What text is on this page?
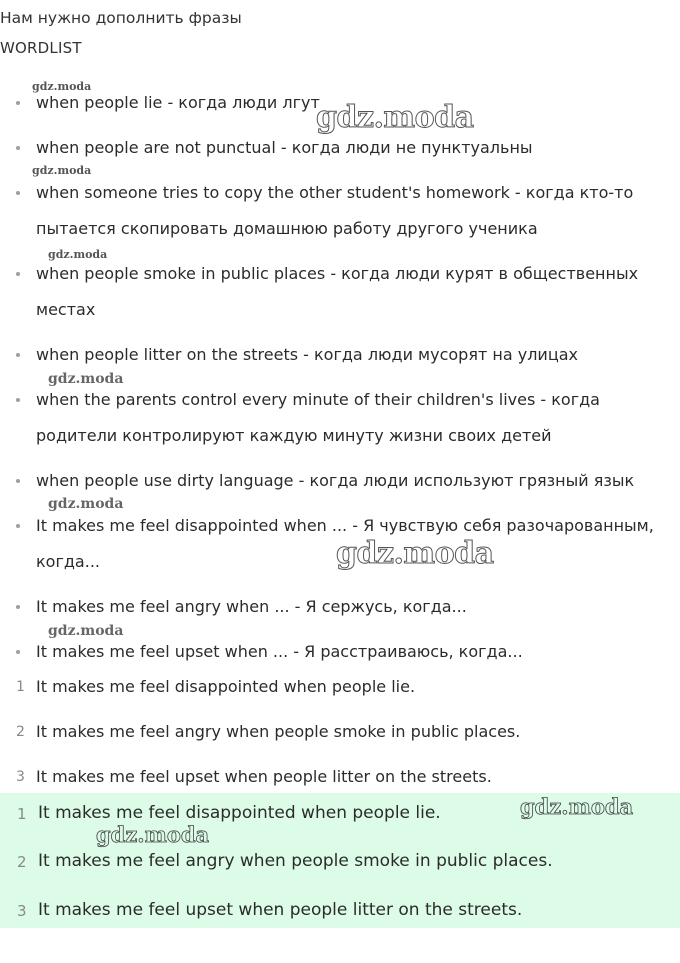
Нам нужно дополнить фразы
WORDLIST
when people lie - когда люди лгут
when people are not punctual - когда люди не пунктуальны
when someone tries to copy the other student's homework - когда кто-то
пытается скопировать домашнюю работу другого ученика
when people smoke in public places - когда люди курят в общественных
местах
when people litter on the streets - когда люди мусорят на улицах
when the parents control every minute of their children's lives - когда
родители контролируют каждую минуту жизни своих детей
when people use dirty language - когда люди используют грязный язык
It makes me feel disappointed when ... - Я чувствую себя разочарованным,
когда...
It makes me feel angry when ... - Я сержусь, когда...
It makes me feel upset when ... - Я расстраиваюсь, когда...
1 It makes me feel disappointed when people lie.
2 It makes me feel angry when people smoke in public places.
3 It makes me feel upset when people litter on the streets.
1 It makes me feel disappointed when people lie.
2 It makes me feel angry when people smoke in public places.
3 It makes me feel upset when people litter on the streets.
gdz.moda
gdz.moda
gdz.moda
gdz.moda
gdz.moda
gdz.moda
gdz.moda
gdz.moda
gdz.moda
gdz.moda
